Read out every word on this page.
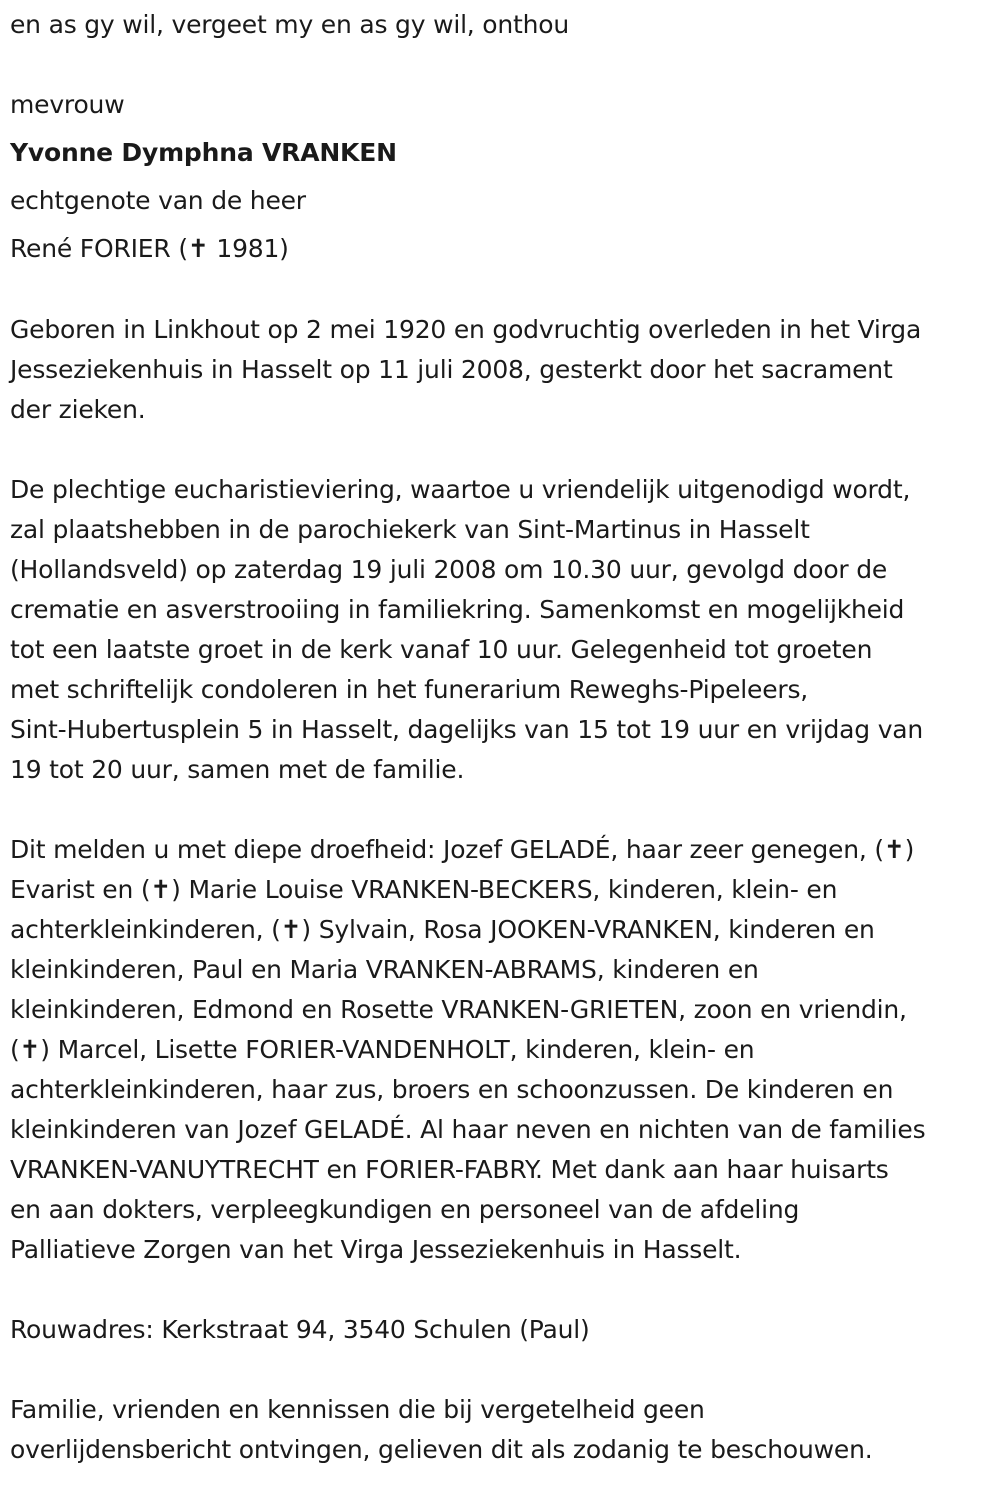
en as gy wil, vergeet my en as gy wil, onthou
mevrouw
Yvonne Dymphna VRANKEN
echtgenote van de heer
René FORIER (✝ 1981)
Geboren in Linkhout op 2 mei 1920 en godvruchtig overleden in het Virga
Jesseziekenhuis in Hasselt op 11 juli 2008, gesterkt door het sacrament
der zieken.
De plechtige eucharistieviering, waartoe u vriendelijk uitgenodigd wordt,
zal plaatshebben in de parochiekerk van Sint-Martinus in Hasselt
(Hollandsveld) op zaterdag 19 juli 2008 om 10.30 uur, gevolgd door de
crematie en asverstrooiing in familiekring. Samenkomst en mogelijkheid
tot een laatste groet in de kerk vanaf 10 uur. Gelegenheid tot groeten
met schriftelijk condoleren in het funerarium Reweghs-Pipeleers,
Sint-Hubertusplein 5 in Hasselt, dagelijks van 15 tot 19 uur en vrijdag van
19 tot 20 uur, samen met de familie.
Dit melden u met diepe droefheid: Jozef GELADÉ, haar zeer genegen, (✝)
Evarist en (✝) Marie Louise VRANKEN-BECKERS, kinderen, klein- en
achterkleinkinderen, (✝) Sylvain, Rosa JOOKEN-VRANKEN, kinderen en
kleinkinderen, Paul en Maria VRANKEN-ABRAMS, kinderen en
kleinkinderen, Edmond en Rosette VRANKEN-GRIETEN, zoon en vriendin,
(✝) Marcel, Lisette FORIER-VANDENHOLT, kinderen, klein- en
achterkleinkinderen, haar zus, broers en schoonzussen. De kinderen en
kleinkinderen van Jozef GELADÉ. Al haar neven en nichten van de families
VRANKEN-VANUYTRECHT en FORIER-FABRY. Met dank aan haar huisarts
en aan dokters, verpleegkundigen en personeel van de afdeling
Palliatieve Zorgen van het Virga Jesseziekenhuis in Hasselt.
Rouwadres: Kerkstraat 94, 3540 Schulen (Paul)
Familie, vrienden en kennissen die bij vergetelheid geen
overlijdensbericht ontvingen, gelieven dit als zodanig te beschouwen.
